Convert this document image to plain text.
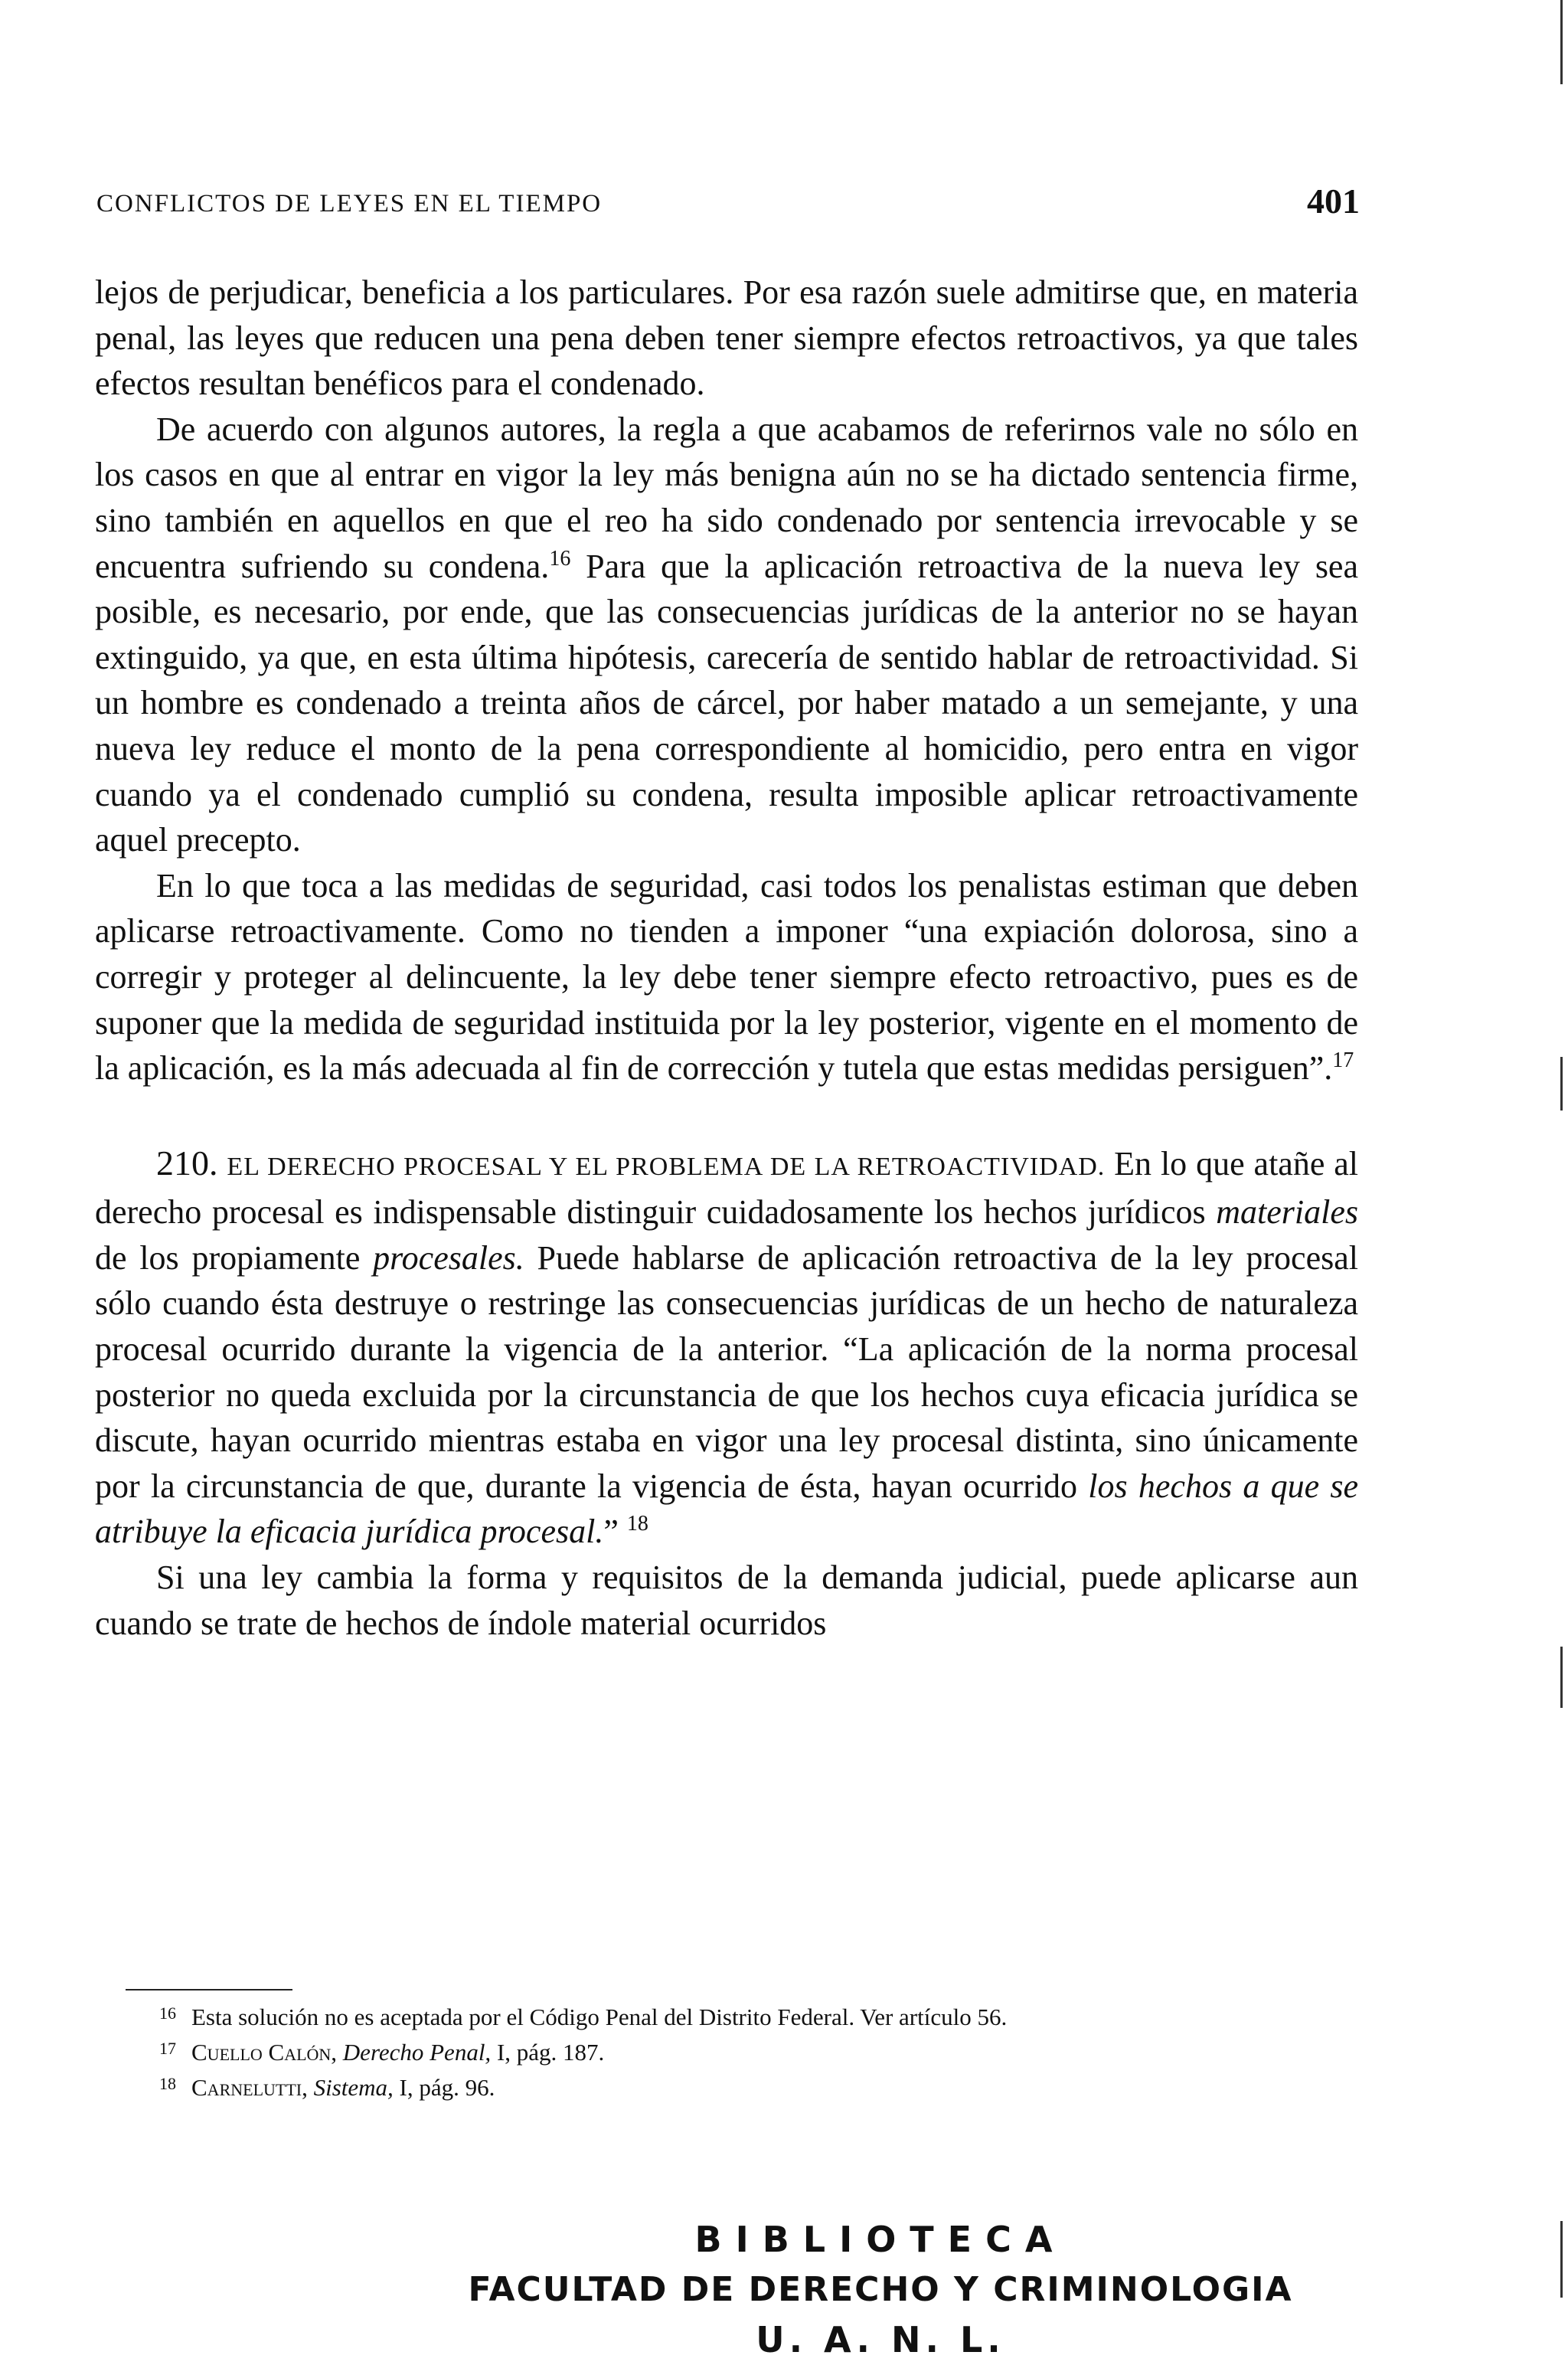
CONFLICTOS DE LEYES EN EL TIEMPO	401

lejos de perjudicar, beneficia a los particulares. Por esa razón suele admitirse que, en materia penal, las leyes que reducen una pena deben tener siempre efectos retroactivos, ya que tales efectos resultan benéficos para el condenado.

De acuerdo con algunos autores, la regla a que acabamos de referirnos vale no sólo en los casos en que al entrar en vigor la ley más benigna aún no se ha dictado sentencia firme, sino también en aquellos en que el reo ha sido condenado por sentencia irrevocable y se encuentra sufriendo su condena.$^{16}$ Para que la aplicación retroactiva de la nueva ley sea posible, es necesario, por ende, que las consecuencias jurídicas de la anterior no se hayan extinguido, ya que, en esta última hipótesis, carecería de sentido hablar de retroactividad. Si un hombre es condenado a treinta años de cárcel, por haber matado a un semejante, y una nueva ley reduce el monto de la pena correspondiente al homicidio, pero entra en vigor cuando ya el condenado cumplió su condena, resulta imposible aplicar retroactivamente aquel precepto.

En lo que toca a las medidas de seguridad, casi todos los penalistas estiman que deben aplicarse retroactivamente. Como no tienden a imponer “una expiación dolorosa, sino a corregir y proteger al delincuente, la ley debe tener siempre efecto retroactivo, pues es de suponer que la medida de seguridad instituida por la ley posterior, vigente en el momento de la aplicación, es la más adecuada al fin de corrección y tutela que estas medidas persiguen”.$^{17}$

210. EL DERECHO PROCESAL Y EL PROBLEMA DE LA RETROACTIVIDAD. En lo que atañe al derecho procesal es indispensable distinguir cuidadosamente los hechos jurídicos materiales de los propiamente procesales. Puede hablarse de aplicación retroactiva de la ley procesal sólo cuando ésta destruye o restringe las consecuencias jurídicas de un hecho de naturaleza procesal ocurrido durante la vigencia de la anterior. “La aplicación de la norma procesal posterior no queda excluida por la circunstancia de que los hechos cuya eficacia jurídica se discute, hayan ocurrido mientras estaba en vigor una ley procesal distinta, sino únicamente por la circunstancia de que, durante la vigencia de ésta, hayan ocurrido los hechos a que se atribuye la eficacia jurídica procesal.” $^{18}$

Si una ley cambia la forma y requisitos de la demanda judicial, puede aplicarse aun cuando se trate de hechos de índole material ocurridos

16 Esta solución no es aceptada por el Código Penal del Distrito Federal. Ver artículo 56.

17 Cuello Calón, Derecho Penal, I, pág. 187.

18 Carnelutti, Sistema, I, pág. 96.

BIBLIOTECA

FACULTAD DE DERECHO Y CRIMINOLOGIA

U. A. N. L.
